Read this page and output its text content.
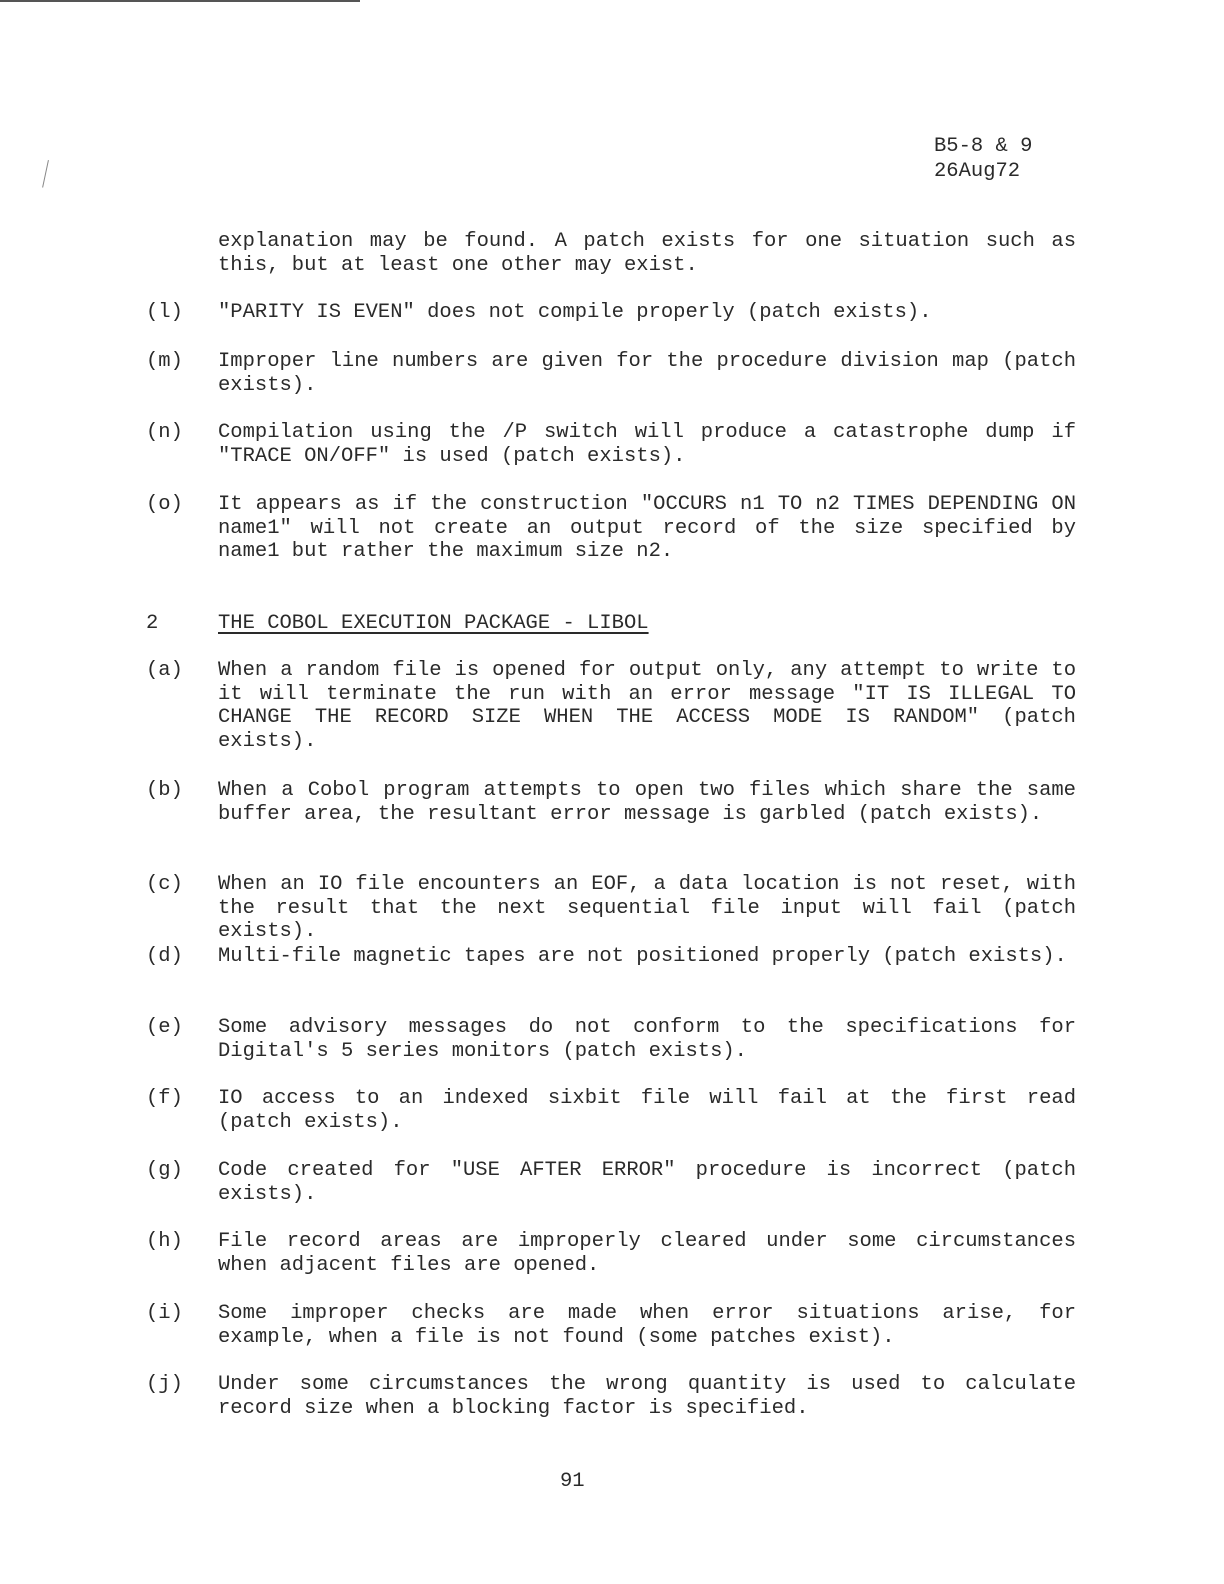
B5-8 & 9
26Aug72
explanation may be found. A patch exists for one situation such as this, but at least one other may exist.
(l) "PARITY IS EVEN" does not compile properly (patch exists).
(m) Improper line numbers are given for the procedure division map (patch exists).
(n) Compilation using the /P switch will produce a catastrophe dump if "TRACE ON/OFF" is used (patch exists).
(o) It appears as if the construction "OCCURS n1 TO n2 TIMES DEPENDING ON name1" will not create an output record of the size specified by name1 but rather the maximum size n2.
2	THE COBOL EXECUTION PACKAGE - LIBOL
(a) When a random file is opened for output only, any attempt to write to it will terminate the run with an error message "IT IS ILLEGAL TO CHANGE THE RECORD SIZE WHEN THE ACCESS MODE IS RANDOM" (patch exists).
(b) When a Cobol program attempts to open two files which share the same buffer area, the resultant error message is garbled (patch exists).
(c) When an IO file encounters an EOF, a data location is not reset, with the result that the next sequential file input will fail (patch exists).
(d) Multi-file magnetic tapes are not positioned properly (patch exists).
(e) Some advisory messages do not conform to the specifications for Digital's 5 series monitors (patch exists).
(f) IO access to an indexed sixbit file will fail at the first read (patch exists).
(g) Code created for "USE AFTER ERROR" procedure is incorrect (patch exists).
(h) File record areas are improperly cleared under some circumstances when adjacent files are opened.
(i) Some improper checks are made when error situations arise, for example, when a file is not found (some patches exist).
(j) Under some circumstances the wrong quantity is used to calculate record size when a blocking factor is specified.
91
